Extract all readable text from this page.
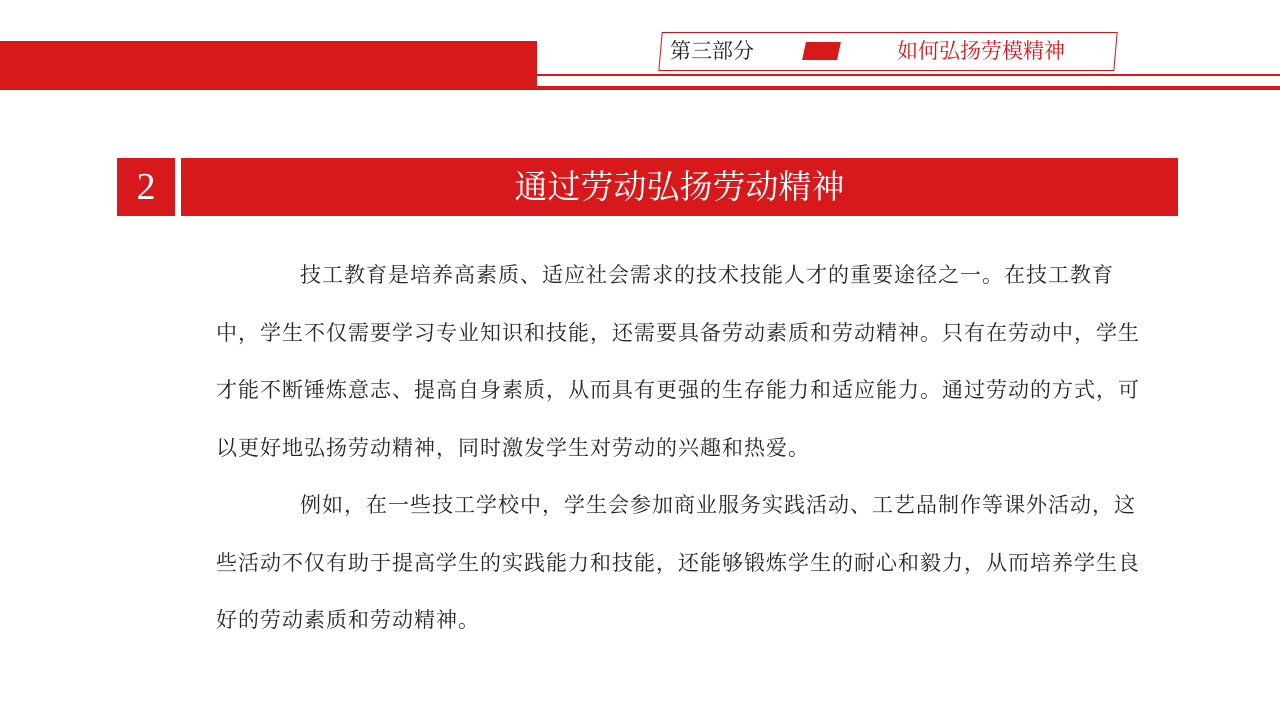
第三部分	如何弘扬劳模精神
2	通过劳动弘扬劳动精神

技工教育是培养高素质、适应社会需求的技术技能人才的重要途径之一。在技工教育中，学生不仅需要学习专业知识和技能，还需要具备劳动素质和劳动精神。只有在劳动中，学生才能不断锤炼意志、提高自身素质，从而具有更强的生存能力和适应能力。通过劳动的方式，可以更好地弘扬劳动精神，同时激发学生对劳动的兴趣和热爱。

例如，在一些技工学校中，学生会参加商业服务实践活动、工艺品制作等课外活动，这些活动不仅有助于提高学生的实践能力和技能，还能够锻炼学生的耐心和毅力，从而培养学生良好的劳动素质和劳动精神。
